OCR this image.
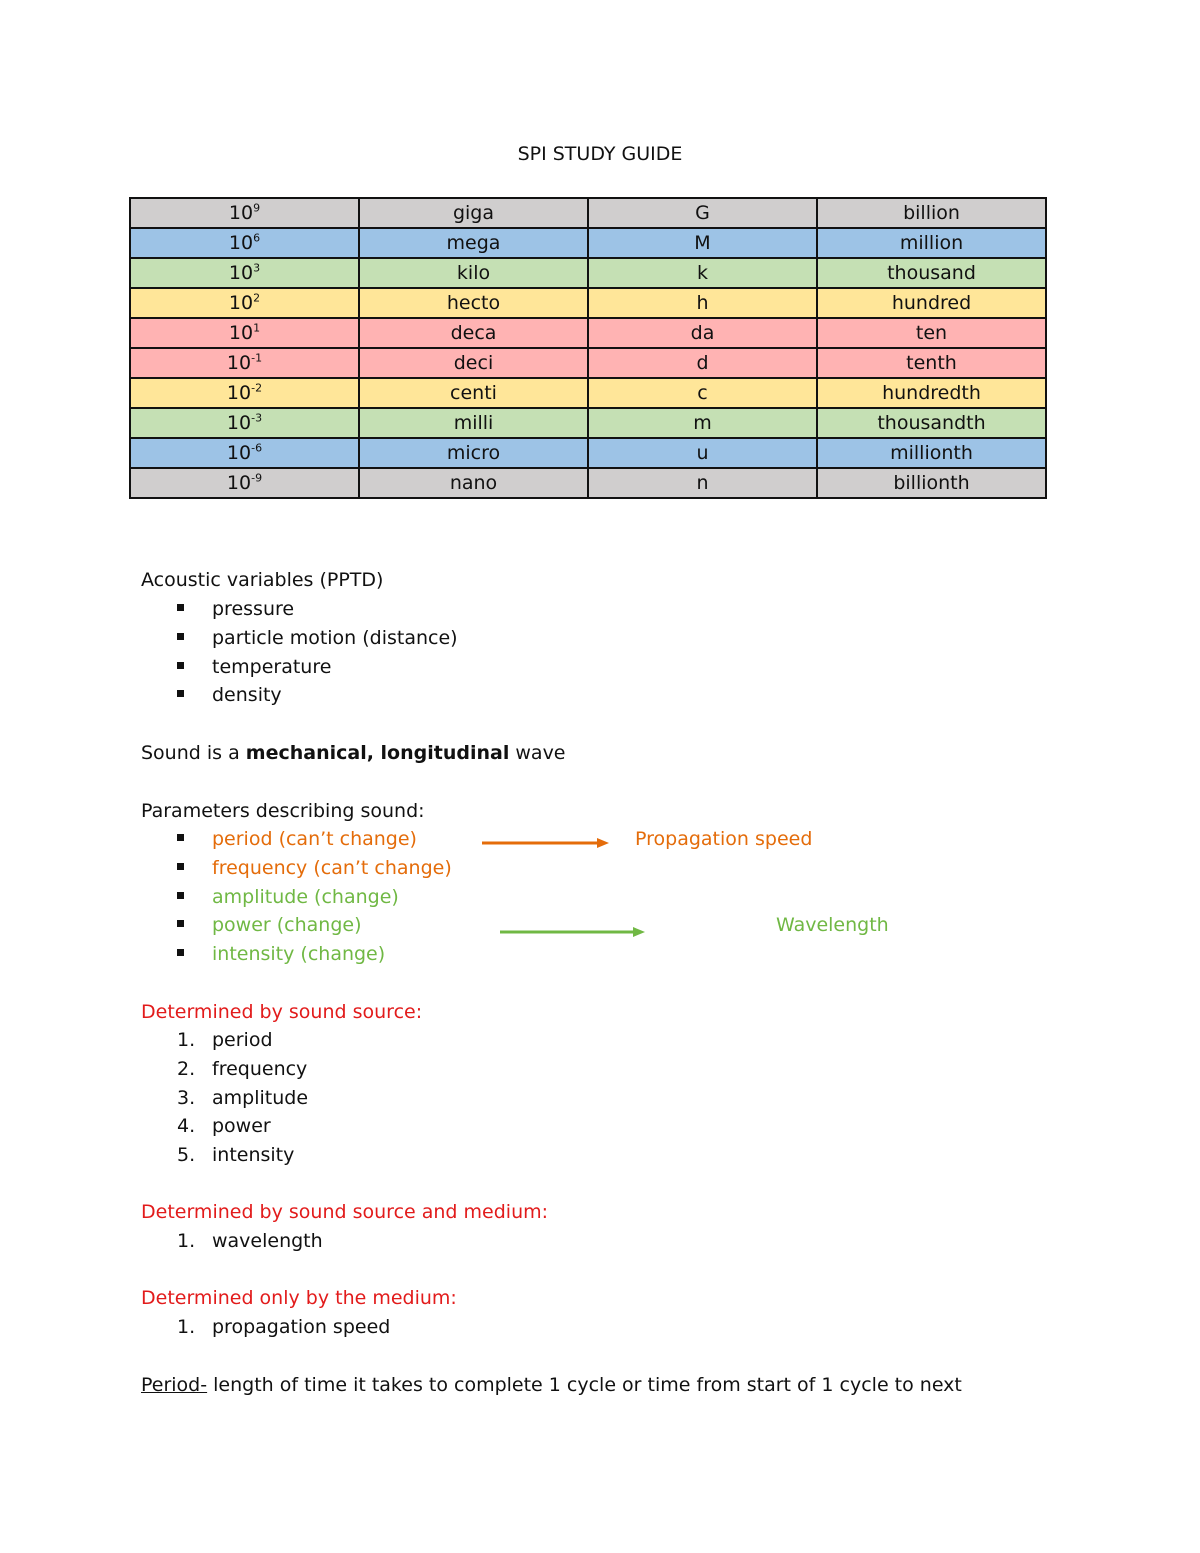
SPI STUDY GUIDE
$10^9$	giga	G	billion
$10^6$	mega	M	million
$10^3$	kilo	k	thousand
$10^2$	hecto	h	hundred
$10^1$	deca	da	ten
$10^{-1}$	deci	d	tenth
$10^{-2}$	centi	c	hundredth
$10^{-3}$	milli	m	thousandth
$10^{-6}$	micro	u	millionth
$10^{-9}$	nano	n	billionth
Acoustic variables (PPTD)
pressure
particle motion (distance)
temperature
density
Sound is a mechanical, longitudinal wave
Parameters describing sound:
period (can’t change)
frequency (can’t change)
amplitude (change)
power (change)
intensity (change)
Propagation speed
Wavelength
Determined by sound source:
1. period
2. frequency
3. amplitude
4. power
5. intensity
Determined by sound source and medium:
1. wavelength
Determined only by the medium:
1. propagation speed
Period- length of time it takes to complete 1 cycle or time from start of 1 cycle to next
